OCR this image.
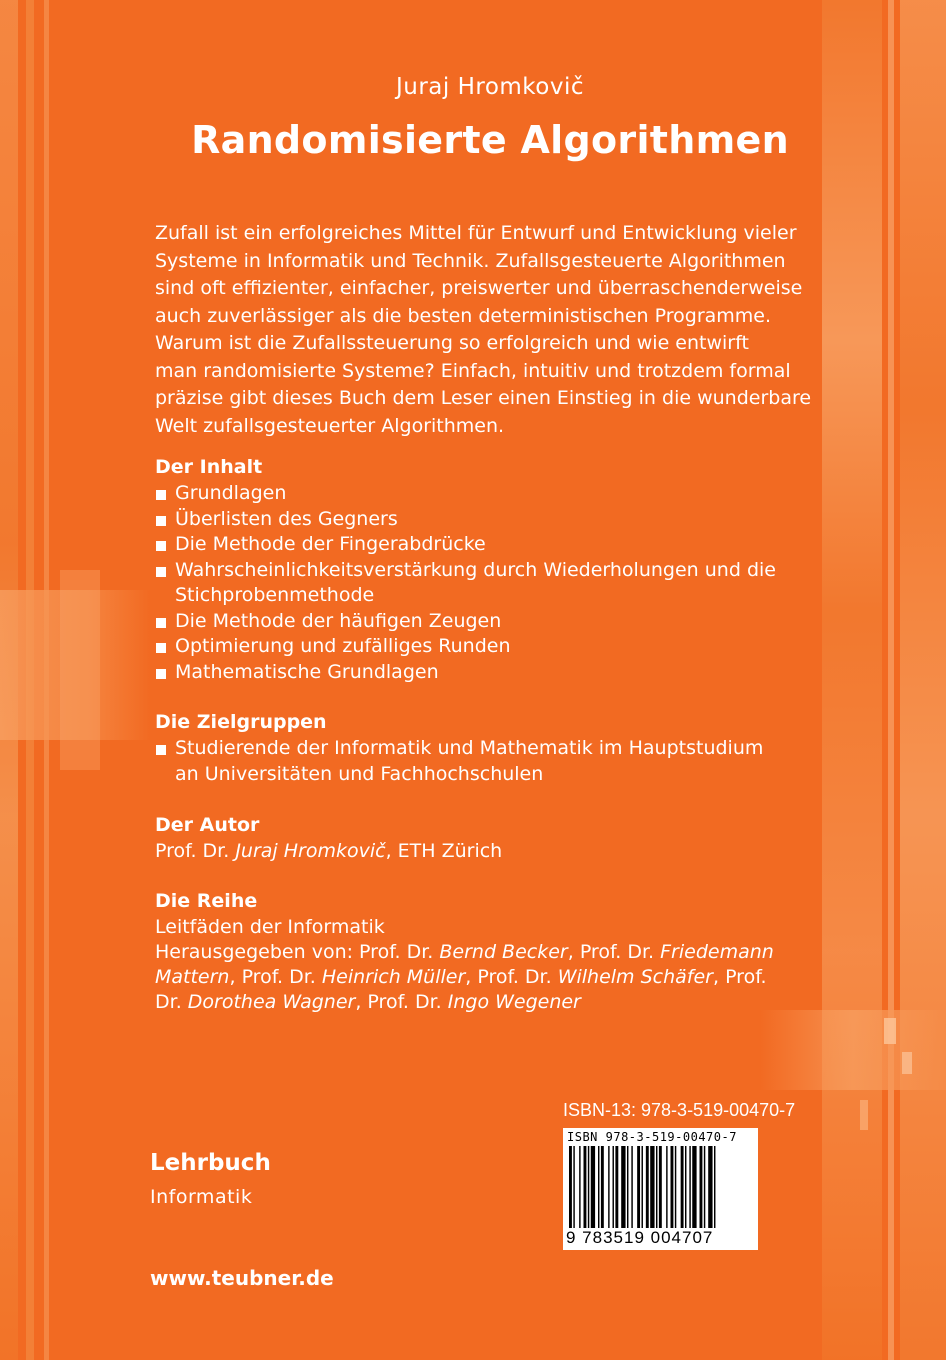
Juraj Hromkovič
Randomisierte Algorithmen
Zufall ist ein erfolgreiches Mittel für Entwurf und Entwicklung vieler
Systeme in Informatik und Technik. Zufallsgesteuerte Algorithmen
sind oft effizienter, einfacher, preiswerter und überraschenderweise
auch zuverlässiger als die besten deterministischen Programme.
Warum ist die Zufallssteuerung so erfolgreich und wie entwirft
man randomisierte Systeme? Einfach, intuitiv und trotzdem formal
präzise gibt dieses Buch dem Leser einen Einstieg in die wunderbare
Welt zufallsgesteuerter Algorithmen.
Der Inhalt
Grundlagen
Überlisten des Gegners
Die Methode der Fingerabdrücke
Wahrscheinlichkeitsverstärkung durch Wiederholungen und die
Stichprobenmethode
Die Methode der häufigen Zeugen
Optimierung und zufälliges Runden
Mathematische Grundlagen
Die Zielgruppen
Studierende der Informatik und Mathematik im Hauptstudium
an Universitäten und Fachhochschulen
Der Autor
Prof. Dr. Juraj Hromkovič, ETH Zürich
Die Reihe
Leitfäden der Informatik
Herausgegeben von: Prof. Dr. Bernd Becker, Prof. Dr. Friedemann
Mattern, Prof. Dr. Heinrich Müller, Prof. Dr. Wilhelm Schäfer, Prof.
Dr. Dorothea Wagner, Prof. Dr. Ingo Wegener
ISBN-13: 978-3-519-00470-7
ISBN 978-3-519-00470-7
9 783519 004707
Lehrbuch
Informatik
www.teubner.de
